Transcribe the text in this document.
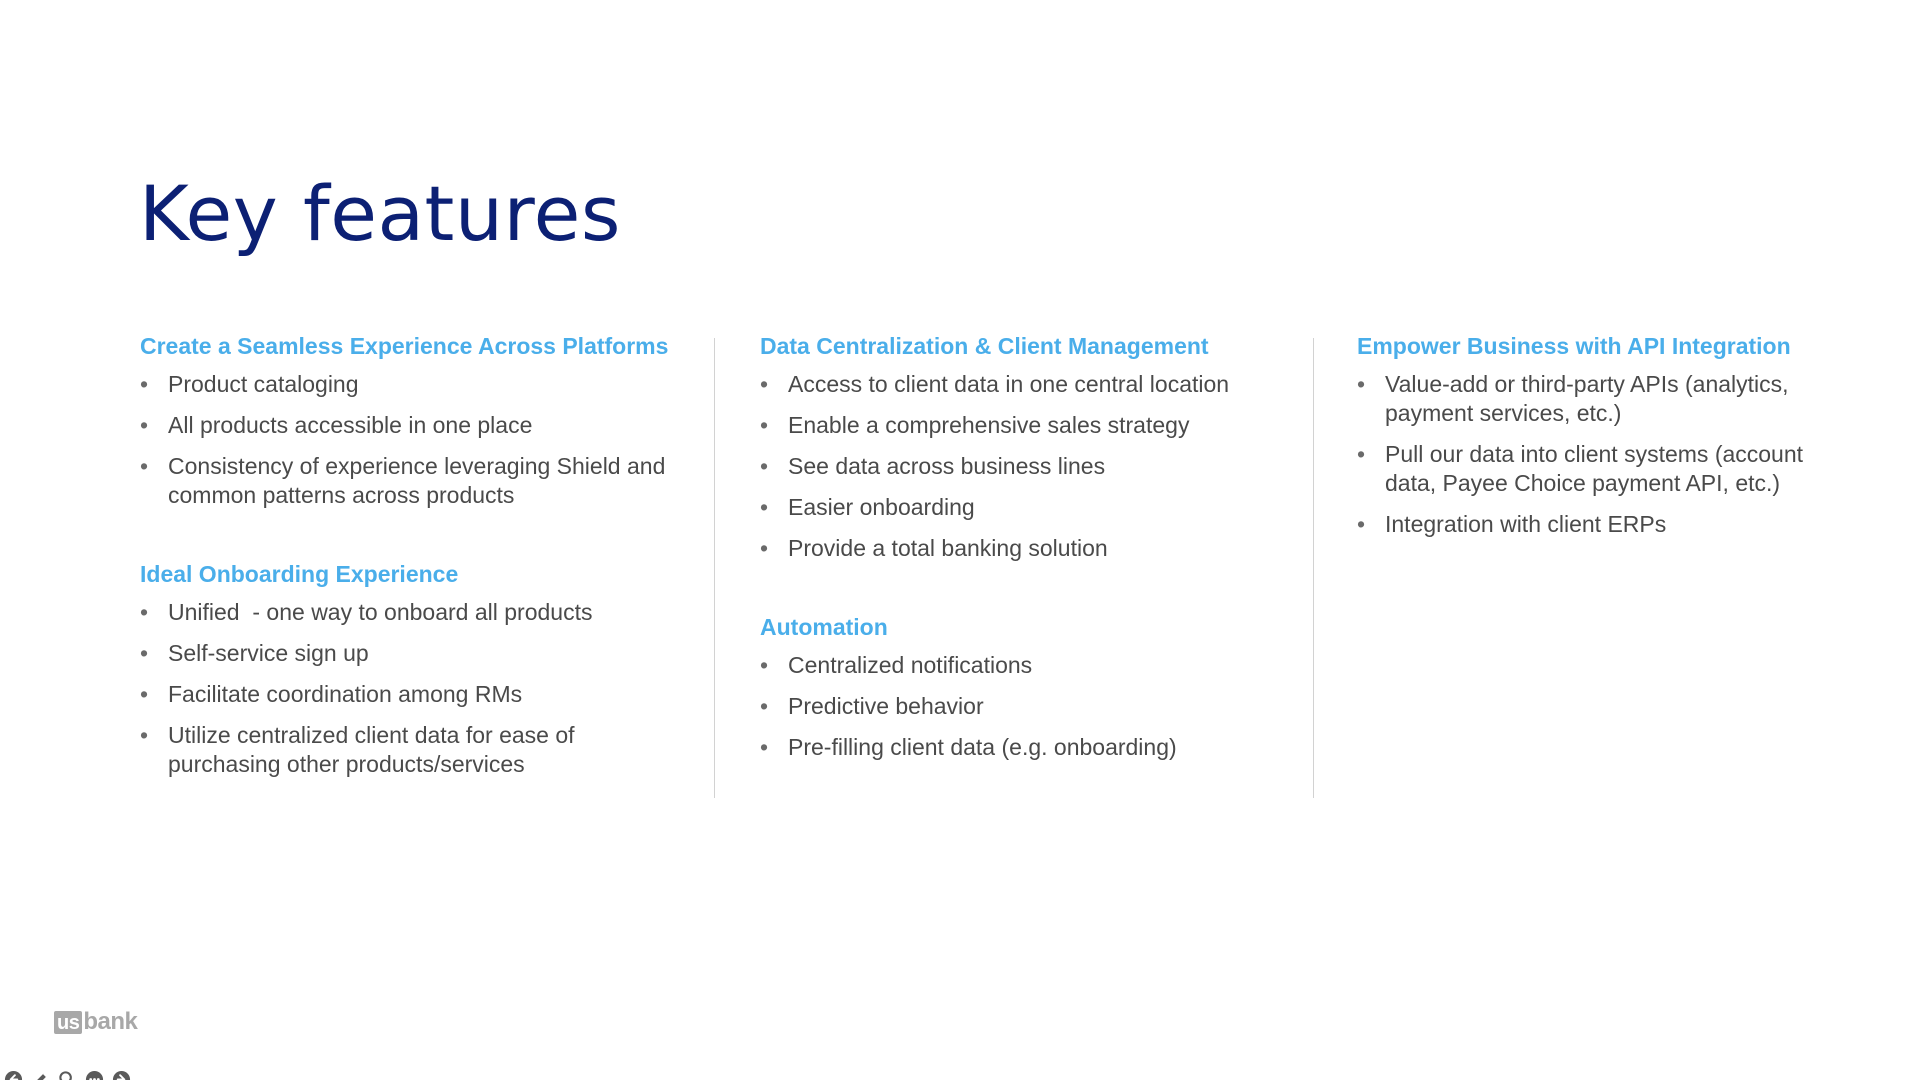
Key features
Create a Seamless Experience Across Platforms
• Product cataloging
• All products accessible in one place
• Consistency of experience leveraging Shield and common patterns across products
Ideal Onboarding Experience
• Unified  - one way to onboard all products
• Self-service sign up
• Facilitate coordination among RMs
• Utilize centralized client data for ease of purchasing other products/services
Data Centralization & Client Management
• Access to client data in one central location
• Enable a comprehensive sales strategy
• See data across business lines
• Easier onboarding
• Provide a total banking solution
Automation
• Centralized notifications
• Predictive behavior
• Pre-filling client data (e.g. onboarding)
Empower Business with API Integration
• Value-add or third-party APIs (analytics, payment services, etc.)
• Pull our data into client systems (account data, Payee Choice payment API, etc.)
• Integration with client ERPs
us bank
